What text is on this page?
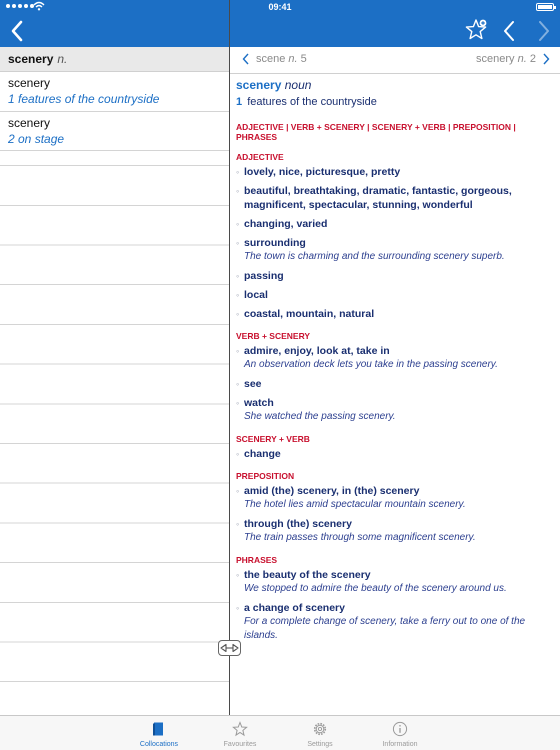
09:41
scenery n.
scenery
1 features of the countryside
scenery
2 on stage
scene n. 5	scenery n. 2
scenery noun
1 features of the countryside
ADJECTIVE | VERB + SCENERY | SCENERY + VERB | PREPOSITION | PHRASES
ADJECTIVE
◦ lovely, nice, picturesque, pretty
◦ beautiful, breathtaking, dramatic, fantastic, gorgeous, magnificent, spectacular, stunning, wonderful
◦ changing, varied
◦ surrounding
The town is charming and the surrounding scenery superb.
◦ passing
◦ local
◦ coastal, mountain, natural
VERB + SCENERY
◦ admire, enjoy, look at, take in
An observation deck lets you take in the passing scenery.
◦ see
◦ watch
She watched the passing scenery.
SCENERY + VERB
◦ change
PREPOSITION
◦ amid (the) scenery, in (the) scenery
The hotel lies amid spectacular mountain scenery.
◦ through (the) scenery
The train passes through some magnificent scenery.
PHRASES
◦ the beauty of the scenery
We stopped to admire the beauty of the scenery around us.
◦ a change of scenery
For a complete change of scenery, take a ferry out to one of the islands.
Collocations	Favourites	Settings	Information
